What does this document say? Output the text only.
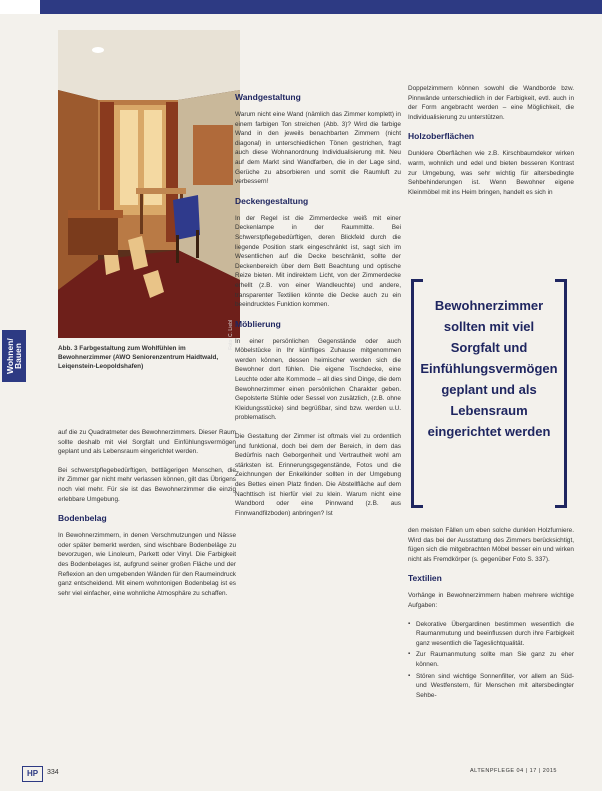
Foto: C. Liebl
Wohnen/ Bauen	Abb. 3 Farbgestaltung zum Wohlfühlen im Bewohnerzimmer (AWO Seniorenzentrum Haidtwald, Leiqenstein-Leopoldshafen)

auf die zu Quadratmeter des Bewohnerzimmers. Dieser Raum sollte deshalb mit viel Sorgfalt und Einfühlungsvermögen geplant und als Lebensraum eingerichtet werden.

Bei schwerstpflegebedürftigen, bettlägerigen Menschen, die ihr Zimmer gar nicht mehr verlassen können, gilt das Übrigens noch viel mehr. Für sie ist das Bewohnerzimmer die einzig erlebbare Umgebung.

Bodenbelag

In Bewohnerzimmern, in denen Verschmutzungen und Nässe oder später bemerkt werden, sind wischbare Bodenbeläge zu bevorzugen, wie Linoleum, Parkett oder Vinyl. Die Farbigkeit des Bodenbelages ist, aufgrund seiner großen Fläche und der Reflexion an den umgebenden Wänden für den Raumeindruck ganz entscheidend. Mit einem wohntonigen Bodenbelag ist es sehr viel einfacher, eine wohnliche Atmosphäre zu schaffen.

Wandgestaltung

Warum nicht eine Wand (nämlich das Zimmer komplett) in einem farbigen Ton streichen (Abb. 3)? Wird die farbige Wand in den jeweils benachbarten Zimmern (nicht diagonal) in unterschiedlichen Tönen gestrichen, fragt auch diese Wohnanordnung Individualisierung mit. Neu auf dem Markt sind Wandfarben, die in der Lage sind, Gerüche zu absorbieren und somit die Raumluft zu verbessern!

Deckengestaltung

In der Regel ist die Zimmerdecke weiß mit einer Deckenlampe in der Raummitte. Bei Schwerstpflegebedürftigen, deren Blickfeld durch die liegende Position stark eingeschränkt ist, sagt sich im Wesentlichen auf die Decke beschränkt, sollte der Deckenbereich über dem Bett Beachtung und optische Reize bieten. Mit indirektem Licht, von der Zimmerdecke erhellt (z.B. von einer Wandleuchte) und andere, transparenter Textilien könnte die Decke auch zu ein beeindrucktes Funktion kommen.

Möblierung

In einer persönlichen Gegenstände oder auch Möbelstücke in Ihr künftiges Zuhause mitgenommen werden können, dessen heimischer werden sich die Bewohner dort fühlen. Die eigene Tischdecke, eine Leuchte oder alte Kommode – all dies sind Dinge, die dem Bewohnerzimmer einen persönlichen Charakter geben. Gepolsterte Stühle oder Sessel von zusätzlich, (z.B. ohne Kleidungsstücke) sind begrüßbar, sind bzw. werden u.U. problematisch.

Die Gestaltung der Zimmer ist oftmals viel zu ordentlich und funktional, doch bei dem der Bereich, in dem das Bedürfnis nach Geborgenheit und Vertrautheit wohl am stärksten ist. Erinnerungsgegenstände, Fotos und die Zeichnungen der Enkelkinder sollten in der Umgebung des Bettes einen Platz finden. Die Abstellfläche auf dem Nachttisch ist hierfür viel zu klein. Warum nicht eine Wandbord oder eine Pinnwand (z.B. aus Finnwandfilzboden) anbringen? Ist

Doppelzimmern können sowohl die Wandborde bzw. Pinnwände unterschiedlich in der Farbigkeit, evtl. auch in der Form angebracht werden – eine Möglichkeit, die Individualisierung zu unterstützen.

Holzoberflächen

Dunklere Oberflächen wie z.B. Kirschbaumdekor wirken warm, wohnlich und edel und bieten besseren Kontrast zur Umgebung, was sehr wichtig für altersbedingte Sehbehinderungen ist. Wenn Bewohner eigene Kleinmöbel mit ins Heim bringen, handelt es sich in

Bewohnerzimmer sollten mit viel Sorgfalt und Einfühlungsvermögen geplant und als Lebensraum eingerichtet werden

den meisten Fällen um eben solche dunklen Holzfurniere. Wird das bei der Ausstattung des Zimmers berücksichtigt, fügen sich die mitgebrachten Möbel besser ein und wirken nicht als Fremdkörper (s. gegenüber Foto S. 337).

Textilien

Vorhänge in Bewohnerzimmern haben mehrere wichtige Aufgaben:

▪ Dekorative Übergardinen bestimmen wesentlich die Raumanmutung und beeinflussen durch ihre Farbigkeit ganz wesentlich die Tageslichtqualität.
▪ Zur Raumanmutung sollte man Sie ganz zu eher können.
▪ Stören sind wichtige Sonnenfilter, vor allem an Süd- und Westfenstern, für Menschen mit altersbedingter Sehbe-
HP	334	ALTENPFLEGE 04 | 17 | 2015
